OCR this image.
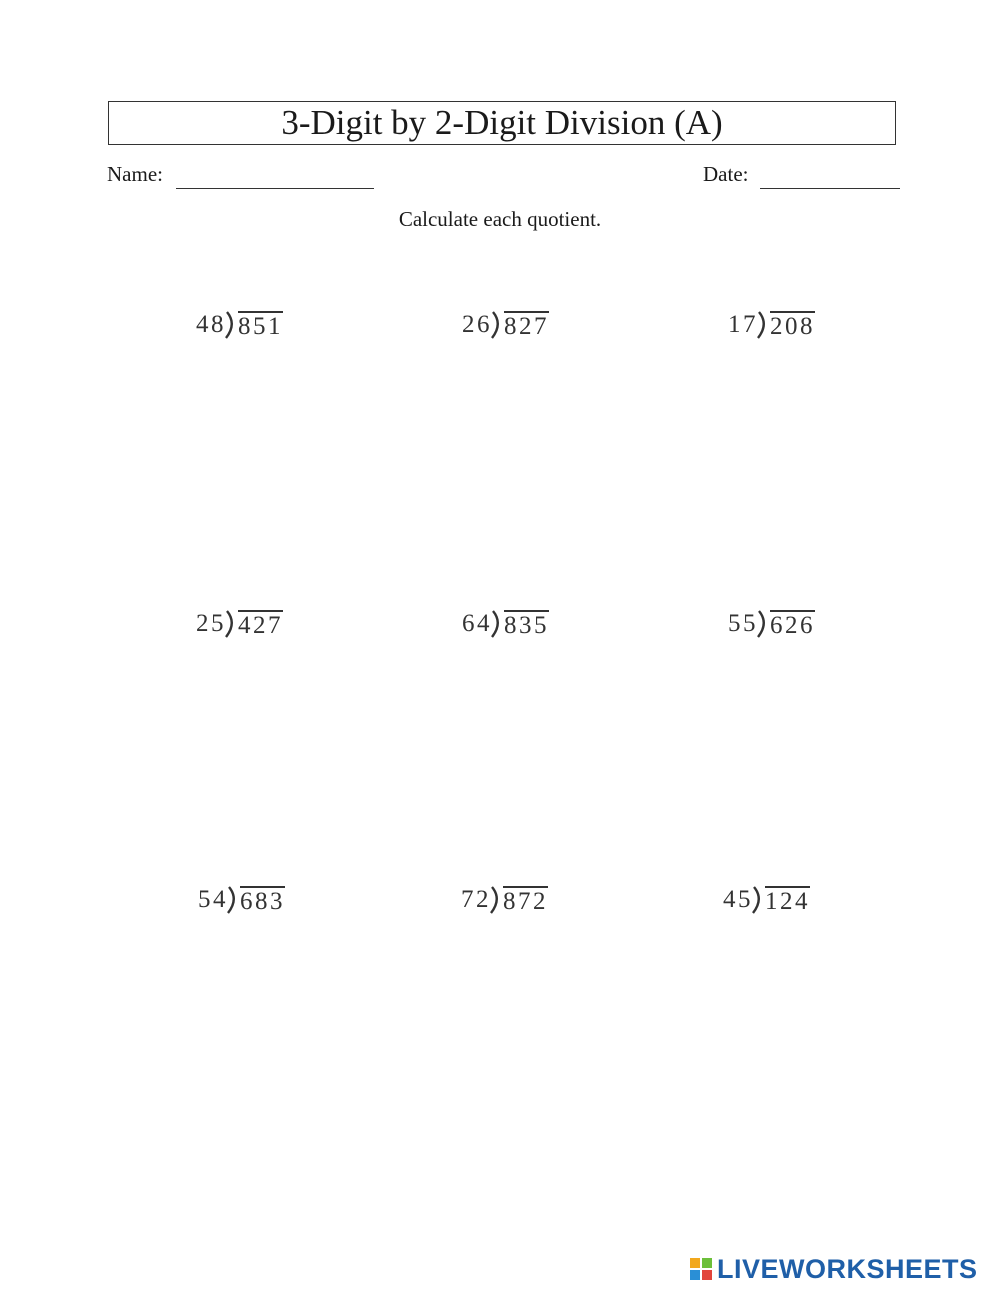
3-Digit by 2-Digit Division (A)
Name:	Date:
Calculate each quotient.
48 851	26 827	17 208
25 427	64 835	55 626
54 683	72 872	45 124
LIVEWORKSHEETS
